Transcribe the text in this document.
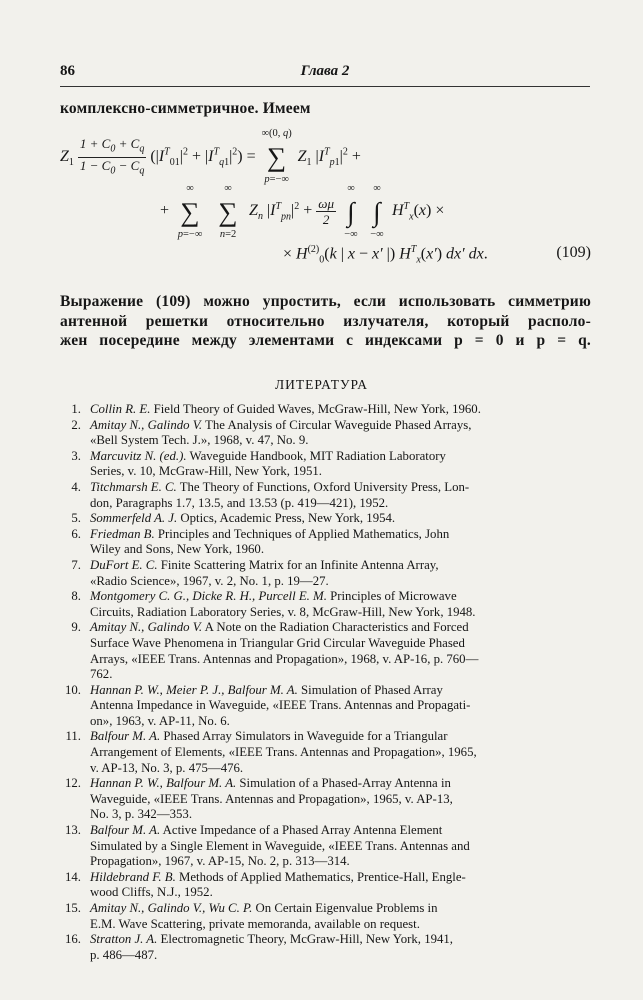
86	Глава 2
комплексно-симметричное. Имеем
$Z_1 \frac{1 + C_0 + C_q}{1 - C_0 - C_q} (|I^T_{01}|^2 + |I^T_{q1}|^2)$ =
∞(0, q)
∑
p=−∞
$Z_1$ $|I^T_{p1}|^2$ +
+
∞
∑
p=−∞

∞
∑
n=2
$Z_n$ $|I^T_{pn}|^2 + \frac{\omega\mu}{2}$

∞
∫
−∞

∞
∫
−∞
$H^T_x(x)$ ×
× $H^{(2)}_0(k$ | x − x′ |) $H^T_x(x')$ dx′ dx.	(109)

Выражение (109) можно упростить, если использовать симметрию

антенной решетки относительно излучателя, который располо-

жен посередине между элементами с индексами p = 0 и p = q.

ЛИТЕРАТУРА
1. Collin R. E. Field Theory of Guided Waves, McGraw-Hill, New York, 1960.
2. Amitay N., Galindo V. The Analysis of Circular Waveguide Phased Arrays,
«Bell System Tech. J.», 1968, v. 47, No. 9.
3. Marcuvitz N. (ed.). Waveguide Handbook, MIT Radiation Laboratory
Series, v. 10, McGraw-Hill, New York, 1951.
4. Titchmarsh E. C. The Theory of Functions, Oxford University Press, Lon-
don, Paragraphs 1.7, 13.5, and 13.53 (p. 419—421), 1952.
5. Sommerfeld A. J. Optics, Academic Press, New York, 1954.
6. Friedman B. Principles and Techniques of Applied Mathematics, John
Wiley and Sons, New York, 1960.
7. DuFort E. C. Finite Scattering Matrix for an Infinite Antenna Array,
«Radio Science», 1967, v. 2, No. 1, p. 19—27.
8. Montgomery C. G., Dicke R. H., Purcell E. M. Principles of Microwave
Circuits, Radiation Laboratory Series, v. 8, McGraw-Hill, New York, 1948.
9. Amitay N., Galindo V. A Note on the Radiation Characteristics and Forced
Surface Wave Phenomena in Triangular Grid Circular Waveguide Phased
Arrays, «IEEE Trans. Antennas and Propagation», 1968, v. AP-16, p. 760—
762.
10. Hannan P. W., Meier P. J., Balfour M. A. Simulation of Phased Array
Antenna Impedance in Waveguide, «IEEE Trans. Antennas and Propagati-
on», 1963, v. AP-11, No. 6.
11. Balfour M. A. Phased Array Simulators in Waveguide for a Triangular
Arrangement of Elements, «IEEE Trans. Antennas and Propagation», 1965,
v. AP-13, No. 3, p. 475—476.
12. Hannan P. W., Balfour M. A. Simulation of a Phased-Array Antenna in
Waveguide, «IEEE Trans. Antennas and Propagation», 1965, v. AP-13,
No. 3, p. 342—353.
13. Balfour M. A. Active Impedance of a Phased Array Antenna Element
Simulated by a Single Element in Waveguide, «IEEE Trans. Antennas and
Propagation», 1967, v. AP-15, No. 2, p. 313—314.
14. Hildebrand F. B. Methods of Applied Mathematics, Prentice-Hall, Engle-
wood Cliffs, N.J., 1952.
15. Amitay N., Galindo V., Wu C. P. On Certain Eigenvalue Problems in
E.M. Wave Scattering, private memoranda, available on request.
16. Stratton J. A. Electromagnetic Theory, McGraw-Hill, New York, 1941,
p. 486—487.
